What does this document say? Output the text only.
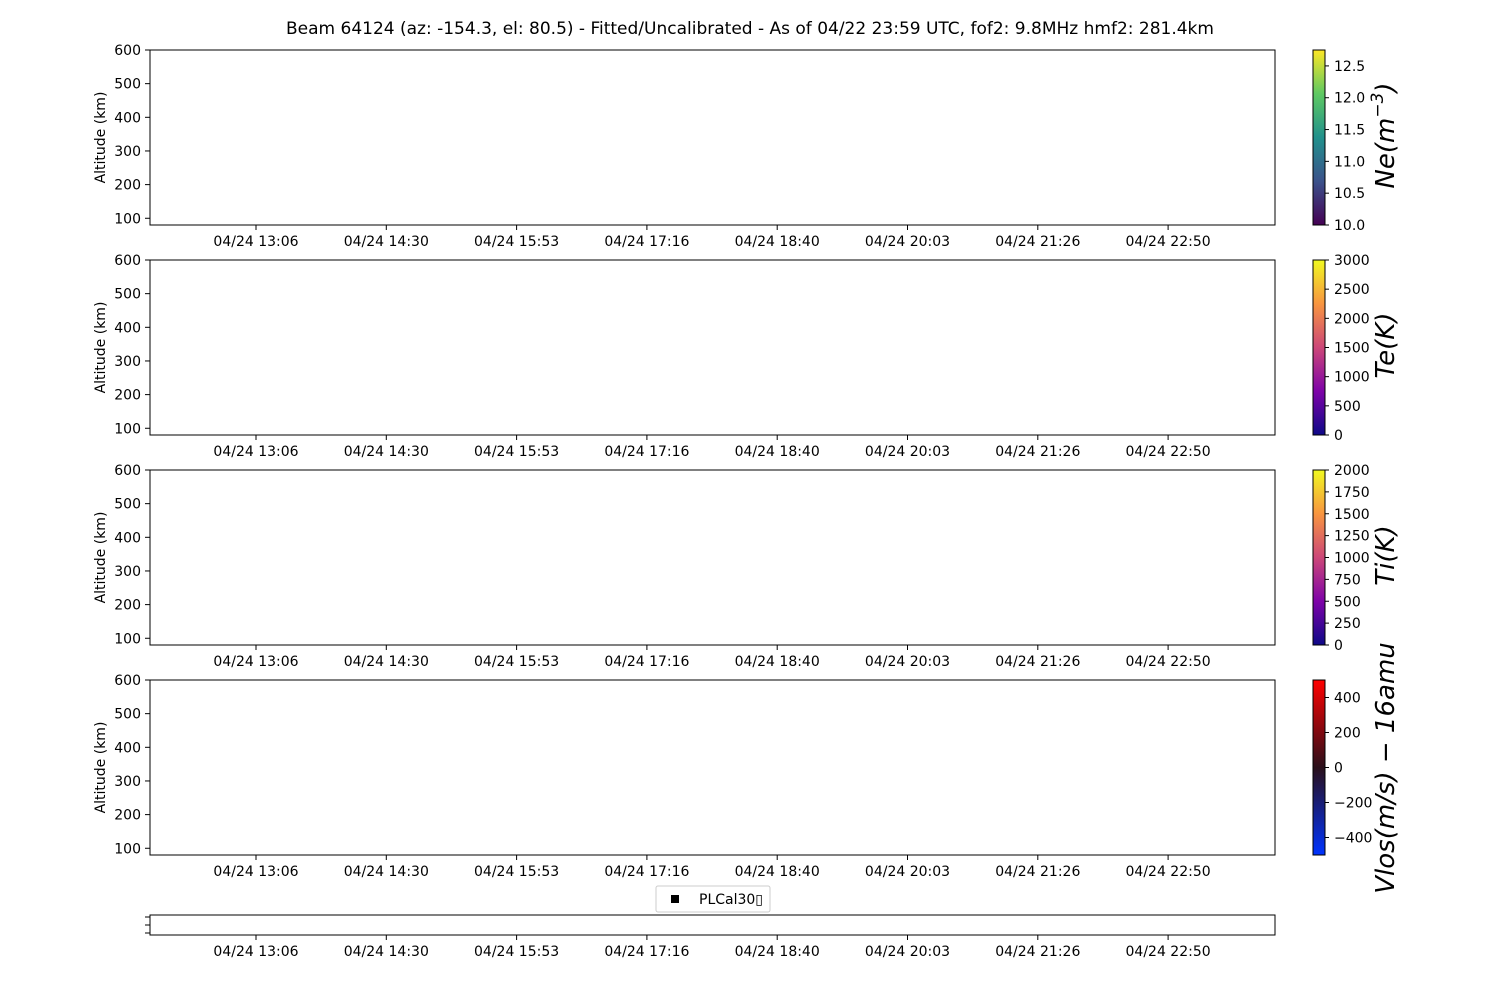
Beam 64124 (az: -154.3, el: 80.5) - Fitted/Uncalibrated - As of 04/22 23:59 UTC, fof2: 9.8MHz hmf2: 281.4km
100
200
300
400
500
600
Altitude (km)
04/24 13:06	04/24 14:30	04/24 15:53	04/24 17:16	04/24 18:40	04/24 20:03	04/24 21:26	04/24 22:50
10.0
10.5
11.0
11.5
12.0
12.5
$Ne(m^{-3})$
100
200
300
400
500
600
Altitude (km)
04/24 13:06	04/24 14:30	04/24 15:53	04/24 17:16	04/24 18:40	04/24 20:03	04/24 21:26	04/24 22:50
0
500
1000
1500
2000
2500
3000
Te(K)
100
200
300
400
500
600
Altitude (km)
04/24 13:06	04/24 14:30	04/24 15:53	04/24 17:16	04/24 18:40	04/24 20:03	04/24 21:26	04/24 22:50
0
250
500
750
1000
1250
1500
1750
2000
Ti(K)
100
200
300
400
500
600
Altitude (km)
04/24 13:06	04/24 14:30	04/24 15:53	04/24 17:16	04/24 18:40	04/24 20:03	04/24 21:26	04/24 22:50
−400
−200
0
200
400 Vlos(m/s) − 16amu
PLCal30▯
04/24 13:06	04/24 14:30	04/24 15:53	04/24 17:16	04/24 18:40	04/24 20:03	04/24 21:26	04/24 22:50
